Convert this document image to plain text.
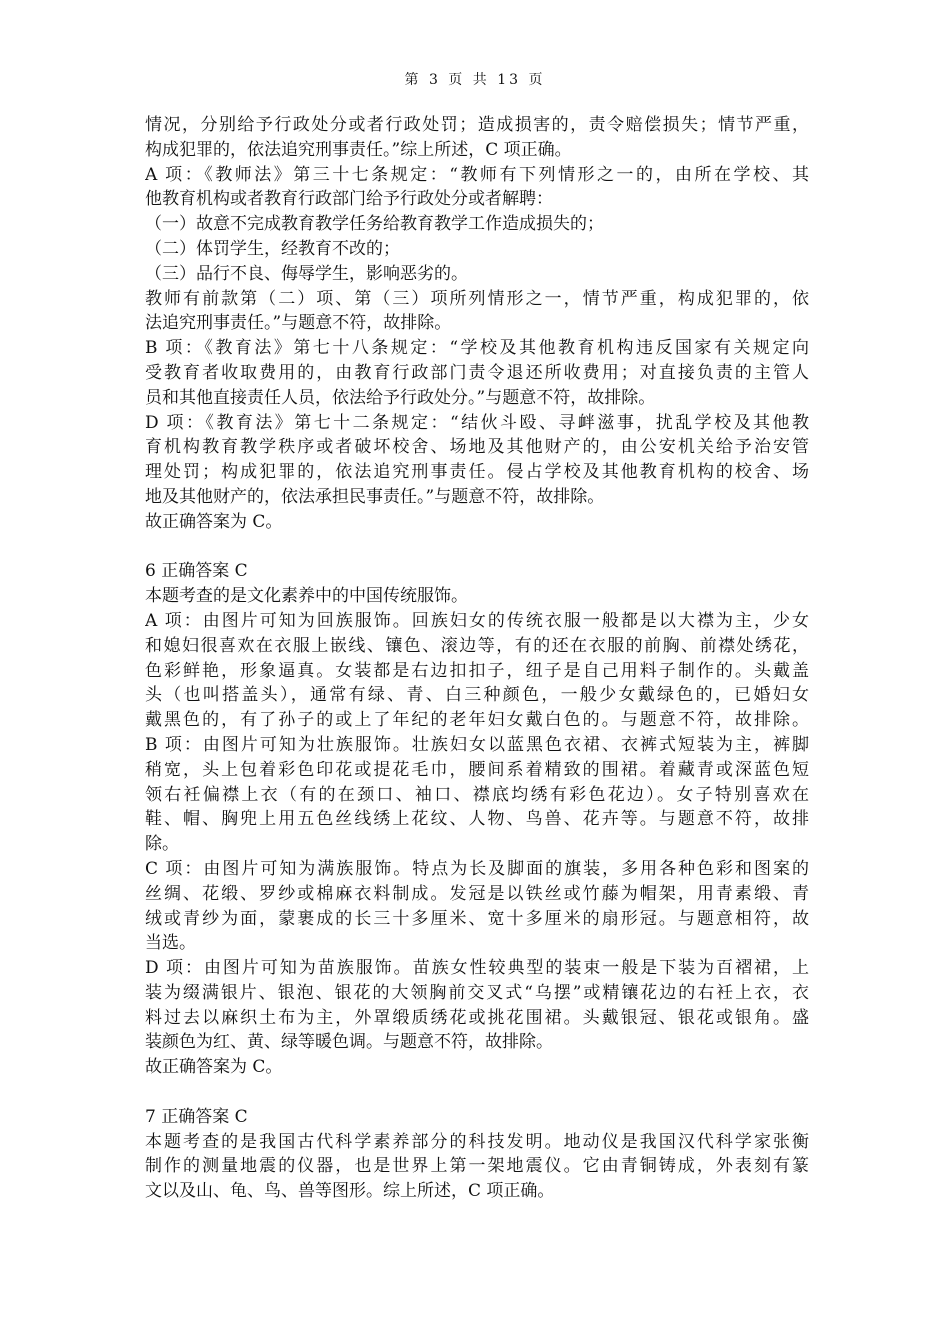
第 3 页 共 13 页
情况，分别给予行政处分或者行政处罚；造成损害的，责令赔偿损失；情节严重，
构成犯罪的，依法追究刑事责任。”综上所述，C 项正确。
A 项：《教师法》第三十七条规定：“教师有下列情形之一的，由所在学校、其
他教育机构或者教育行政部门给予行政处分或者解聘：
（一）故意不完成教育教学任务给教育教学工作造成损失的；
（二）体罚学生，经教育不改的；
（三）品行不良、侮辱学生，影响恶劣的。
教师有前款第（二）项、第（三）项所列情形之一，情节严重，构成犯罪的，依
法追究刑事责任。”与题意不符，故排除。
B 项：《教育法》第七十八条规定：“学校及其他教育机构违反国家有关规定向
受教育者收取费用的，由教育行政部门责令退还所收费用；对直接负责的主管人
员和其他直接责任人员，依法给予行政处分。”与题意不符，故排除。
D 项：《教育法》第七十二条规定：“结伙斗殴、寻衅滋事，扰乱学校及其他教
育机构教育教学秩序或者破坏校舍、场地及其他财产的，由公安机关给予治安管
理处罚；构成犯罪的，依法追究刑事责任。侵占学校及其他教育机构的校舍、场
地及其他财产的，依法承担民事责任。”与题意不符，故排除。
故正确答案为 C。
6 正确答案 C
本题考查的是文化素养中的中国传统服饰。
A 项：由图片可知为回族服饰。回族妇女的传统衣服一般都是以大襟为主，少女
和媳妇很喜欢在衣服上嵌线、镶色、滚边等，有的还在衣服的前胸、前襟处绣花，
色彩鲜艳，形象逼真。女装都是右边扣扣子，纽子是自己用料子制作的。头戴盖
头（也叫搭盖头），通常有绿、青、白三种颜色，一般少女戴绿色的，已婚妇女
戴黑色的，有了孙子的或上了年纪的老年妇女戴白色的。与题意不符，故排除。
B 项：由图片可知为壮族服饰。壮族妇女以蓝黑色衣裙、衣裤式短装为主，裤脚
稍宽，头上包着彩色印花或提花毛巾，腰间系着精致的围裙。着藏青或深蓝色短
领右衽偏襟上衣（有的在颈口、袖口、襟底均绣有彩色花边）。女子特别喜欢在
鞋、帽、胸兜上用五色丝线绣上花纹、人物、鸟兽、花卉等。与题意不符，故排
除。
C 项：由图片可知为满族服饰。特点为长及脚面的旗装，多用各种色彩和图案的
丝绸、花缎、罗纱或棉麻衣料制成。发冠是以铁丝或竹藤为帽架，用青素缎、青
绒或青纱为面，蒙裹成的长三十多厘米、宽十多厘米的扇形冠。与题意相符，故
当选。
D 项：由图片可知为苗族服饰。苗族女性较典型的装束一般是下装为百褶裙，上
装为缀满银片、银泡、银花的大领胸前交叉式“乌摆”或精镶花边的右衽上衣，衣
料过去以麻织土布为主，外罩缎质绣花或挑花围裙。头戴银冠、银花或银角。盛
装颜色为红、黄、绿等暖色调。与题意不符，故排除。
故正确答案为 C。
7 正确答案 C
本题考查的是我国古代科学素养部分的科技发明。地动仪是我国汉代科学家张衡
制作的测量地震的仪器，也是世界上第一架地震仪。它由青铜铸成，外表刻有篆
文以及山、龟、鸟、兽等图形。综上所述，C 项正确。
